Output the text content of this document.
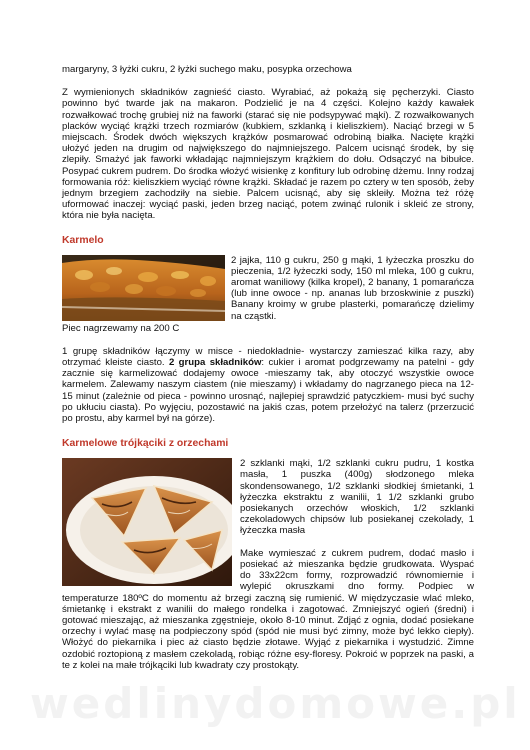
wedlinydomowe.pl

margaryny, 3 łyżki cukru, 2 łyżki suchego maku, posypka orzechowa

Z wymienionych składników zagnieść ciasto. Wyrabiać, aż pokażą się pęcherzyki. Ciasto powinno być twarde jak na makaron. Podzielić je na 4 części. Kolejno każdy kawałek rozwałkować trochę grubiej niż na faworki (starać się nie podsypywać mąki). Z rozwałkowanych placków wyciąć krążki trzech rozmiarów (kubkiem, szklanką i kieliszkiem). Naciąć brzegi w 5 miejscach. Środek dwóch większych krążków posmarować odrobiną białka. Nacięte krążki ułożyć jeden na drugim od największego do najmniejszego. Palcem ucisnąć środek, by się zlepiły. Smażyć jak faworki wkładając najmniejszym krążkiem do dołu. Odsączyć na bibułce. Posypać cukrem pudrem. Do środka włożyć wisienkę z konfitury lub odrobinę dżemu. Inny rodzaj formowania róż: kieliszkiem wyciąć równe krążki. Składać je razem po cztery w ten sposób, żeby jednym brzegiem zachodziły na siebie. Palcem ucisnąć, aby się skleiły. Można też różę uformować inaczej: wyciąć paski, jeden brzeg naciąć, potem zwinąć rulonik i skleić ze strony, która nie była nacięta.

Karmelo

2 jajka, 110 g cukru, 250 g mąki, 1 łyżeczka proszku do pieczenia, 1/2 łyżeczki sody, 150 ml mleka, 100 g cukru, aromat waniliowy (kilka kropel), 2 banany, 1 pomarańcza (lub inne owoce - np. ananas lub brzoskwinie z puszki) Banany kroimy w grube plasterki, pomarańczę dzielimy na cząstki.

Piec nagrzewamy na 200 C

1 grupę składników łączymy w misce - niedokładnie- wystarczy zamieszać kilka razy, aby otrzymać kleiste ciasto. 2 grupa składników: cukier i aromat podgrzewamy na patelni - gdy zacznie się karmelizować dodajemy owoce -mieszamy tak, aby otoczyć wszystkie owoce karmelem. Zalewamy naszym ciastem (nie mieszamy) i wkładamy do nagrzanego pieca na 12- 15 minut (zależnie od pieca - powinno urosnąć, najlepiej sprawdzić patyczkiem- musi być suchy po ukłuciu ciasta). Po wyjęciu, pozostawić na jakiś czas, potem przełożyć na talerz (przerzucić po prostu, aby karmel był na górze).

Karmelowe trójkąciki z orzechami

2 szklanki mąki, 1/2 szklanki cukru pudru, 1 kostka masła, 1 puszka (400g) słodzonego mleka skondensowanego, 1/2 szklanki słodkiej śmietanki, 1 łyżeczka ekstraktu z wanilii, 1 1/2 szklanki grubo posiekanych orzechów włoskich, 1/2 szklanki czekoladowych chipsów lub posiekanej czekolady, 1 łyżeczka masła

Make wymieszać z cukrem pudrem, dodać masło i posiekać aż mieszanka będzie grudkowata. Wyspać do 33x22cm formy, rozprowadzić równomiernie i wylepić okruszkami dno formy. Podpiec w temperaturze 180ºC do momentu aż brzegi zaczną się rumienić. W międzyczasie wlać mleko, śmietankę i ekstrakt z wanilii do małego rondelka i zagotować. Zmniejszyć ogień (średni) i gotować mieszając, aż mieszanka zgęstnieje, około 8-10 minut. Zdjąć z ognia, dodać posiekane orzechy i wylać masę na podpieczony spód (spód nie musi być zimny, może być lekko ciepły). Włożyć do piekarnika i piec aż ciasto będzie złotawe. Wyjąć z piekarnika i wystudzić. Zimne ozdobić roztopioną z masłem czekoladą, robiąc różne esy-floresy. Pokroić w poprzek na paski, a te z kolei na małe trójkąciki lub kwadraty czy prostokąty.
